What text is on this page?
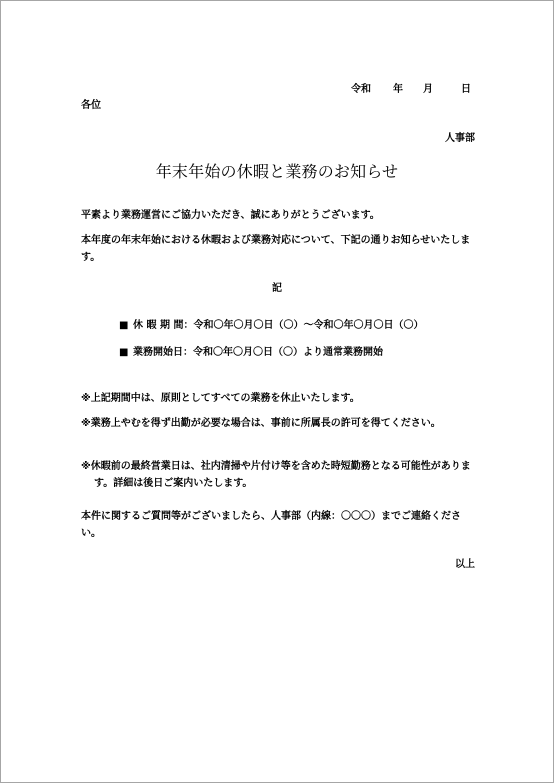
令和 年 月	日
各位
人事部
年末年始の休暇と業務のお知らせ
平素より業務運営にご協力いただき、誠にありがとうございます。
本年度の年末年始における休暇および業務対応について、下記の通りお知らせいたします。
記
■ 休 暇 期 間：令和〇年〇月〇日（〇）～令和〇年〇月〇日（〇）
■ 業務開始日：令和〇年〇月〇日（〇）より通常業務開始
※上記期間中は、原則としてすべての業務を休止いたします。
※業務上やむを得ず出勤が必要な場合は、事前に所属長の許可を得てください。
※休暇前の最終営業日は、社内清掃や片付け等を含めた時短勤務となる可能性があります。詳細は後日ご案内いたします。
本件に関するご質問等がございましたら、人事部（内線：〇〇〇）までご連絡ください。
以上
